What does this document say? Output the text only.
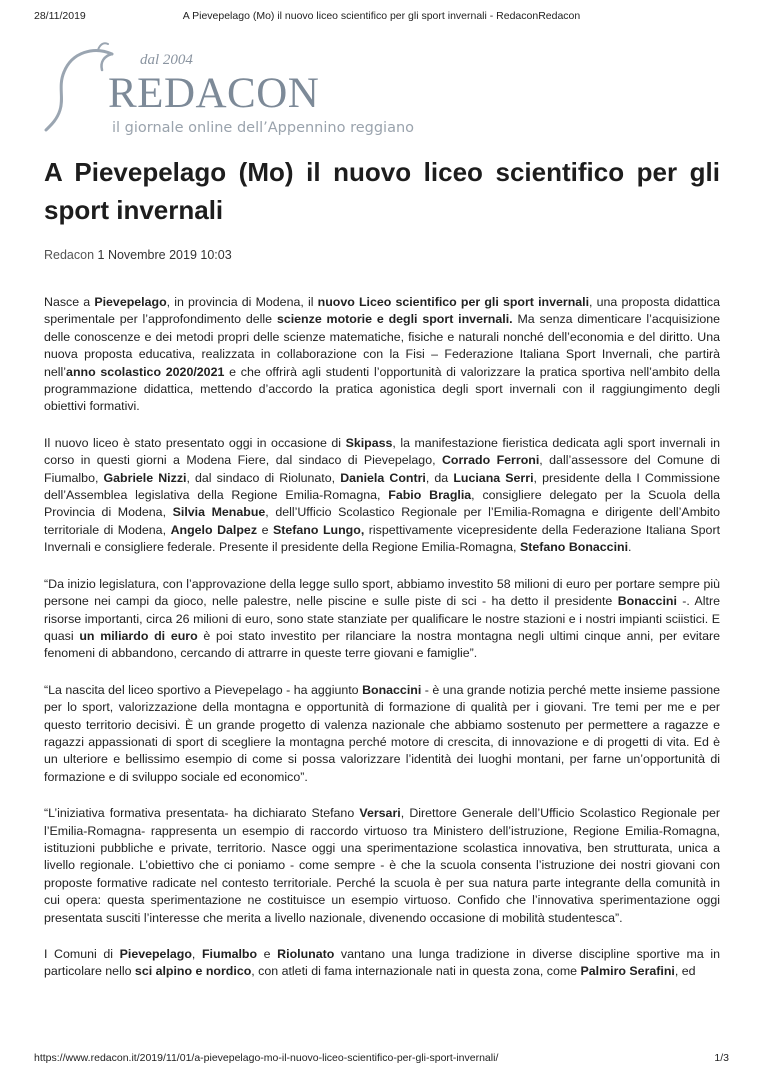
28/11/2019	A Pievepelago (Mo) il nuovo liceo scientifico per gli sport invernali - RedaconRedacon
dal 2004
REDACON
il giornale online dell’Appennino reggiano
A Pievepelago (Mo) il nuovo liceo scientifico per gli sport invernali
Redacon 1 Novembre 2019 10:03

Nasce a Pievepelago, in provincia di Modena, il nuovo Liceo scientifico per gli sport invernali, una proposta didattica sperimentale per l’approfondimento delle scienze motorie e degli sport invernali. Ma senza dimenticare l’acquisizione delle conoscenze e dei metodi propri delle scienze matematiche, fisiche e naturali nonché dell’economia e del diritto. Una nuova proposta educativa, realizzata in collaborazione con la Fisi – Federazione Italiana Sport Invernali, che partirà nell’anno scolastico 2020/2021 e che offrirà agli studenti l’opportunità di valorizzare la pratica sportiva nell’ambito della programmazione didattica, mettendo d’accordo la pratica agonistica degli sport invernali con il raggiungimento degli obiettivi formativi.

Il nuovo liceo è stato presentato oggi in occasione di Skipass, la manifestazione fieristica dedicata agli sport invernali in corso in questi giorni a Modena Fiere, dal sindaco di Pievepelago, Corrado Ferroni, dall’assessore del Comune di Fiumalbo, Gabriele Nizzi, dal sindaco di Riolunato, Daniela Contri, da Luciana Serri, presidente della I Commissione dell’Assemblea legislativa della Regione Emilia-Romagna, Fabio Braglia, consigliere delegato per la Scuola della Provincia di Modena, Silvia Menabue, dell’Ufficio Scolastico Regionale per l’Emilia-Romagna e dirigente dell’Ambito territoriale di Modena, Angelo Dalpez e Stefano Lungo, rispettivamente vicepresidente della Federazione Italiana Sport Invernali e consigliere federale. Presente il presidente della Regione Emilia-Romagna, Stefano Bonaccini.

“Da inizio legislatura, con l’approvazione della legge sullo sport, abbiamo investito 58 milioni di euro per portare sempre più persone nei campi da gioco, nelle palestre, nelle piscine e sulle piste di sci - ha detto il presidente Bonaccini -. Altre risorse importanti, circa 26 milioni di euro, sono state stanziate per qualificare le nostre stazioni e i nostri impianti sciistici. E quasi un miliardo di euro è poi stato investito per rilanciare la nostra montagna negli ultimi cinque anni, per evitare fenomeni di abbandono, cercando di attrarre in queste terre giovani e famiglie”.

“La nascita del liceo sportivo a Pievepelago - ha aggiunto Bonaccini - è una grande notizia perché mette insieme passione per lo sport, valorizzazione della montagna e opportunità di formazione di qualità per i giovani. Tre temi per me e per questo territorio decisivi. È un grande progetto di valenza nazionale che abbiamo sostenuto per permettere a ragazze e ragazzi appassionati di sport di scegliere la montagna perché motore di crescita, di innovazione e di progetti di vita. Ed è un ulteriore e bellissimo esempio di come si possa valorizzare l’identità dei luoghi montani, per farne un’opportunità di formazione e di sviluppo sociale ed economico”.

“L’iniziativa formativa presentata- ha dichiarato Stefano Versari, Direttore Generale dell’Ufficio Scolastico Regionale per l’Emilia-Romagna- rappresenta un esempio di raccordo virtuoso tra Ministero dell’istruzione, Regione Emilia-Romagna, istituzioni pubbliche e private, territorio. Nasce oggi una sperimentazione scolastica innovativa, ben strutturata, unica a livello regionale. L’obiettivo che ci poniamo - come sempre - è che la scuola consenta l’istruzione dei nostri giovani con proposte formative radicate nel contesto territoriale. Perché la scuola è per sua natura parte integrante della comunità in cui opera: questa sperimentazione ne costituisce un esempio virtuoso. Confido che l’innovativa sperimentazione oggi presentata susciti l’interesse che merita a livello nazionale, divenendo occasione di mobilità studentesca”.

I Comuni di Pievepelago, Fiumalbo e Riolunato vantano una lunga tradizione in diverse discipline sportive ma in particolare nello sci alpino e nordico, con atleti di fama internazionale nati in questa zona, come Palmiro Serafini, ed

https://www.redacon.it/2019/11/01/a-pievepelago-mo-il-nuovo-liceo-scientifico-per-gli-sport-invernali/	1/3
